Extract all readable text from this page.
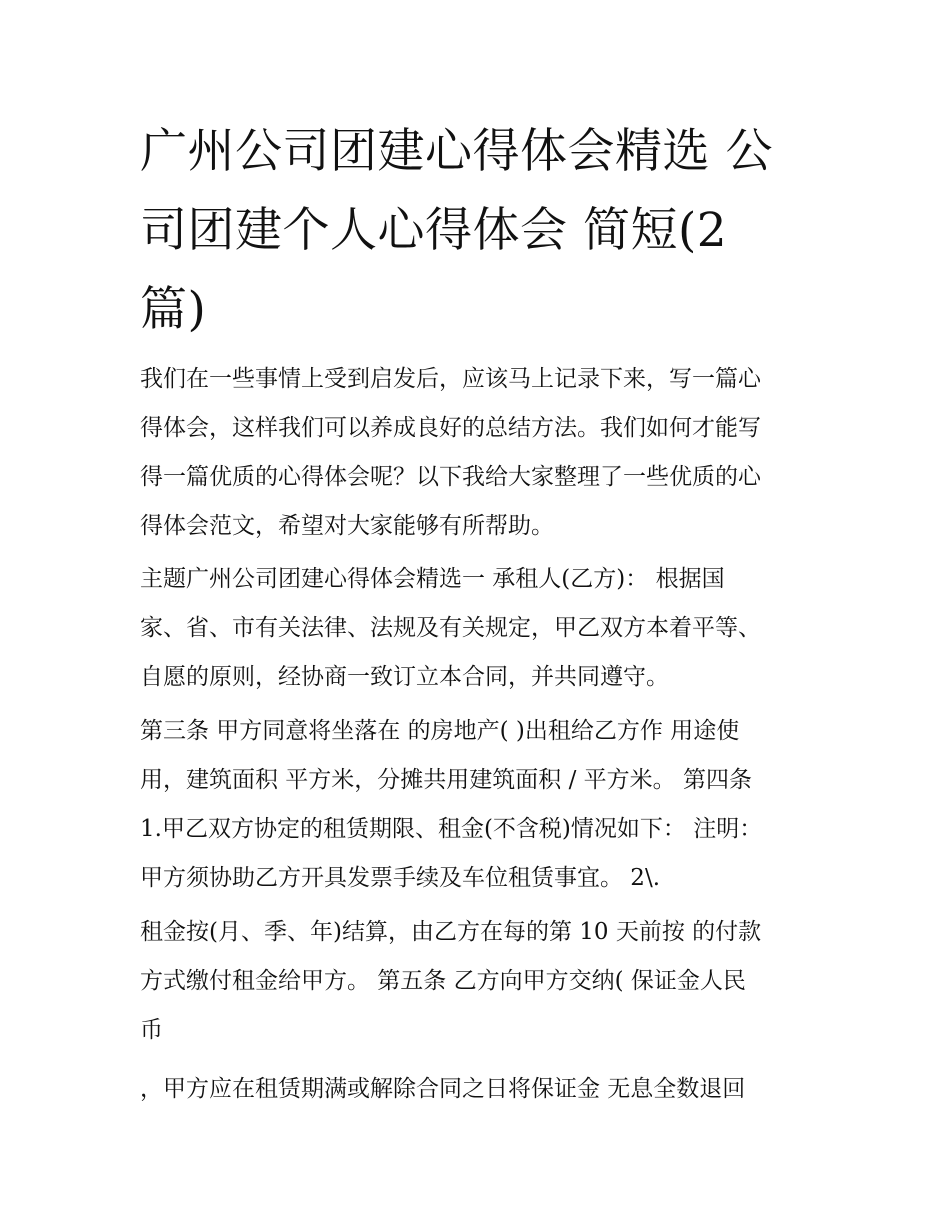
广州公司团建心得体会精选 公
司团建个人心得体会 简短(2
篇)

我们在一些事情上受到启发后，应该马上记录下来，写一篇心
得体会，这样我们可以养成良好的总结方法。我们如何才能写
得一篇优质的心得体会呢？以下我给大家整理了一些优质的心
得体会范文，希望对大家能够有所帮助。

主题广州公司团建心得体会精选一 承租人(乙方)： 根据国
家、省、市有关法律、法规及有关规定，甲乙双方本着平等、
自愿的原则，经协商一致订立本合同，并共同遵守。

第三条 甲方同意将坐落在 的房地产( )出租给乙方作 用途使
用，建筑面积 平方米，分摊共用建筑面积 / 平方米。 第四条
1.甲乙双方协定的租赁期限、租金(不含税)情况如下： 注明：
甲方须协助乙方开具发票手续及车位租赁事宜。 2\.

租金按(月、季、年)结算，由乙方在每的第 10 天前按 的付款
方式缴付租金给甲方。 第五条 乙方向甲方交纳( 保证金人民
币

，甲方应在租赁期满或解除合同之日将保证金 无息全数退回
